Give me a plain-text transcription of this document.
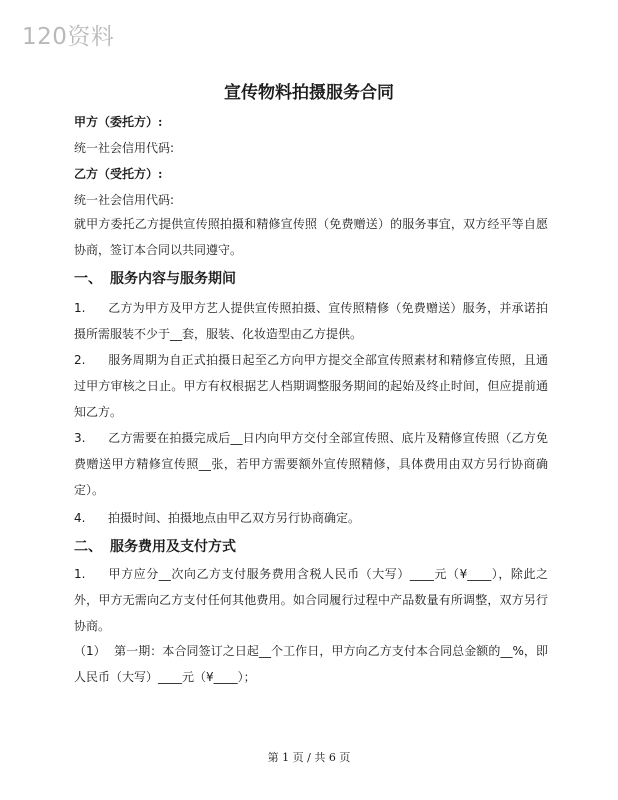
120资料
宣传物料拍摄服务合同
甲方（委托方）:
统一社会信用代码:
乙方（受托方）:
统一社会信用代码:
就甲方委托乙方提供宣传照拍摄和精修宣传照（免费赠送）的服务事宜，双方经平等自愿协商，签订本合同以共同遵守。
一、 服务内容与服务期间
1. 乙方为甲方及甲方艺人提供宣传照拍摄、宣传照精修（免费赠送）服务，并承诺拍摄所需服装不少于__套，服装、化妆造型由乙方提供。
2. 服务周期为自正式拍摄日起至乙方向甲方提交全部宣传照素材和精修宣传照，且通过甲方审核之日止。甲方有权根据艺人档期调整服务期间的起始及终止时间，但应提前通知乙方。
3. 乙方需要在拍摄完成后__日内向甲方交付全部宣传照、底片及精修宣传照（乙方免费赠送甲方精修宣传照__张，若甲方需要额外宣传照精修，具体费用由双方另行协商确定）。
4. 拍摄时间、拍摄地点由甲乙双方另行协商确定。
二、 服务费用及支付方式
1. 甲方应分__次向乙方支付服务费用含税人民币（大写）____元（¥____），除此之外，甲方无需向乙方支付任何其他费用。如合同履行过程中产品数量有所调整，双方另行协商。
（1） 第一期：本合同签订之日起__个工作日，甲方向乙方支付本合同总金额的__%，即人民币（大写）____元（¥____）；
第 1 页 / 共 6 页
